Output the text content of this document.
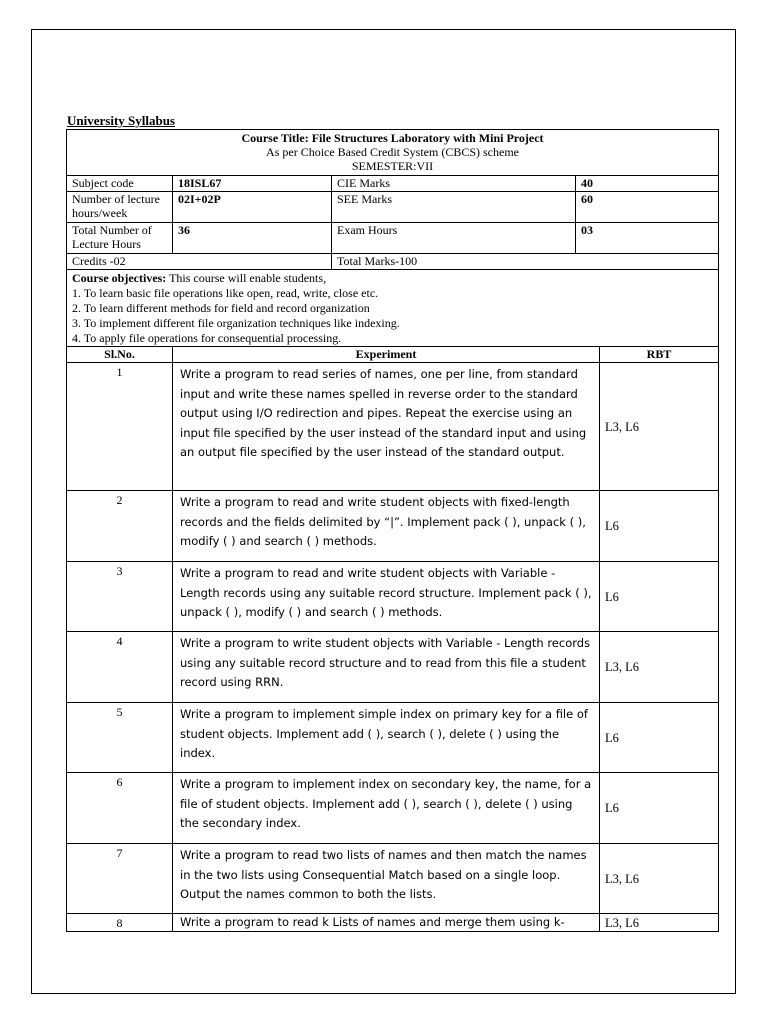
University Syllabus
Course Title: File Structures Laboratory with Mini Project
As per Choice Based Credit System (CBCS) scheme
SEMESTER:VII				

Subject code	18ISL67	CIE Marks	40	
Number of lecture hours/week	02I+02P	SEE Marks	60	
Total Number of Lecture Hours	36	Exam Hours	03	
Credits -02		Total Marks-100		

Course objectives: This course will enable students,
1. To learn basic file operations like open, read, write, close etc.
2. To learn different methods for field and record organization
3. To implement different file organization techniques like indexing.
4. To apply file operations for consequential processing.				

Sl.No.	Experiment			RBT
1	Write a program to read series of names, one per line, from standard input and write these names spelled in reverse order to the standard output using I/O redirection and pipes. Repeat the exercise using an input file specified by the user instead of the standard input and using an output file specified by the user instead of the standard output.			L3, L6
2	Write a program to read and write student objects with fixed-length records and the fields delimited by “|”. Implement pack ( ), unpack ( ), modify ( ) and search ( ) methods.			L6
3	Write a program to read and write student objects with Variable - Length records using any suitable record structure. Implement pack ( ), unpack ( ), modify ( ) and search ( ) methods.			L6
4	Write a program to write student objects with Variable - Length records using any suitable record structure and to read from this file a student record using RRN.			L3, L6
5	Write a program to implement simple index on primary key for a file of student objects. Implement add ( ), search ( ), delete ( ) using the index.			L6
6	Write a program to implement index on secondary key, the name, for a file of student objects. Implement add ( ), search ( ), delete ( ) using the secondary index.			L6
7	Write a program to read two lists of names and then match the names in the two lists using Consequential Match based on a single loop. Output the names common to both the lists.			L3, L6
8	Write a program to read k Lists of names and merge them using k-			L3, L6
